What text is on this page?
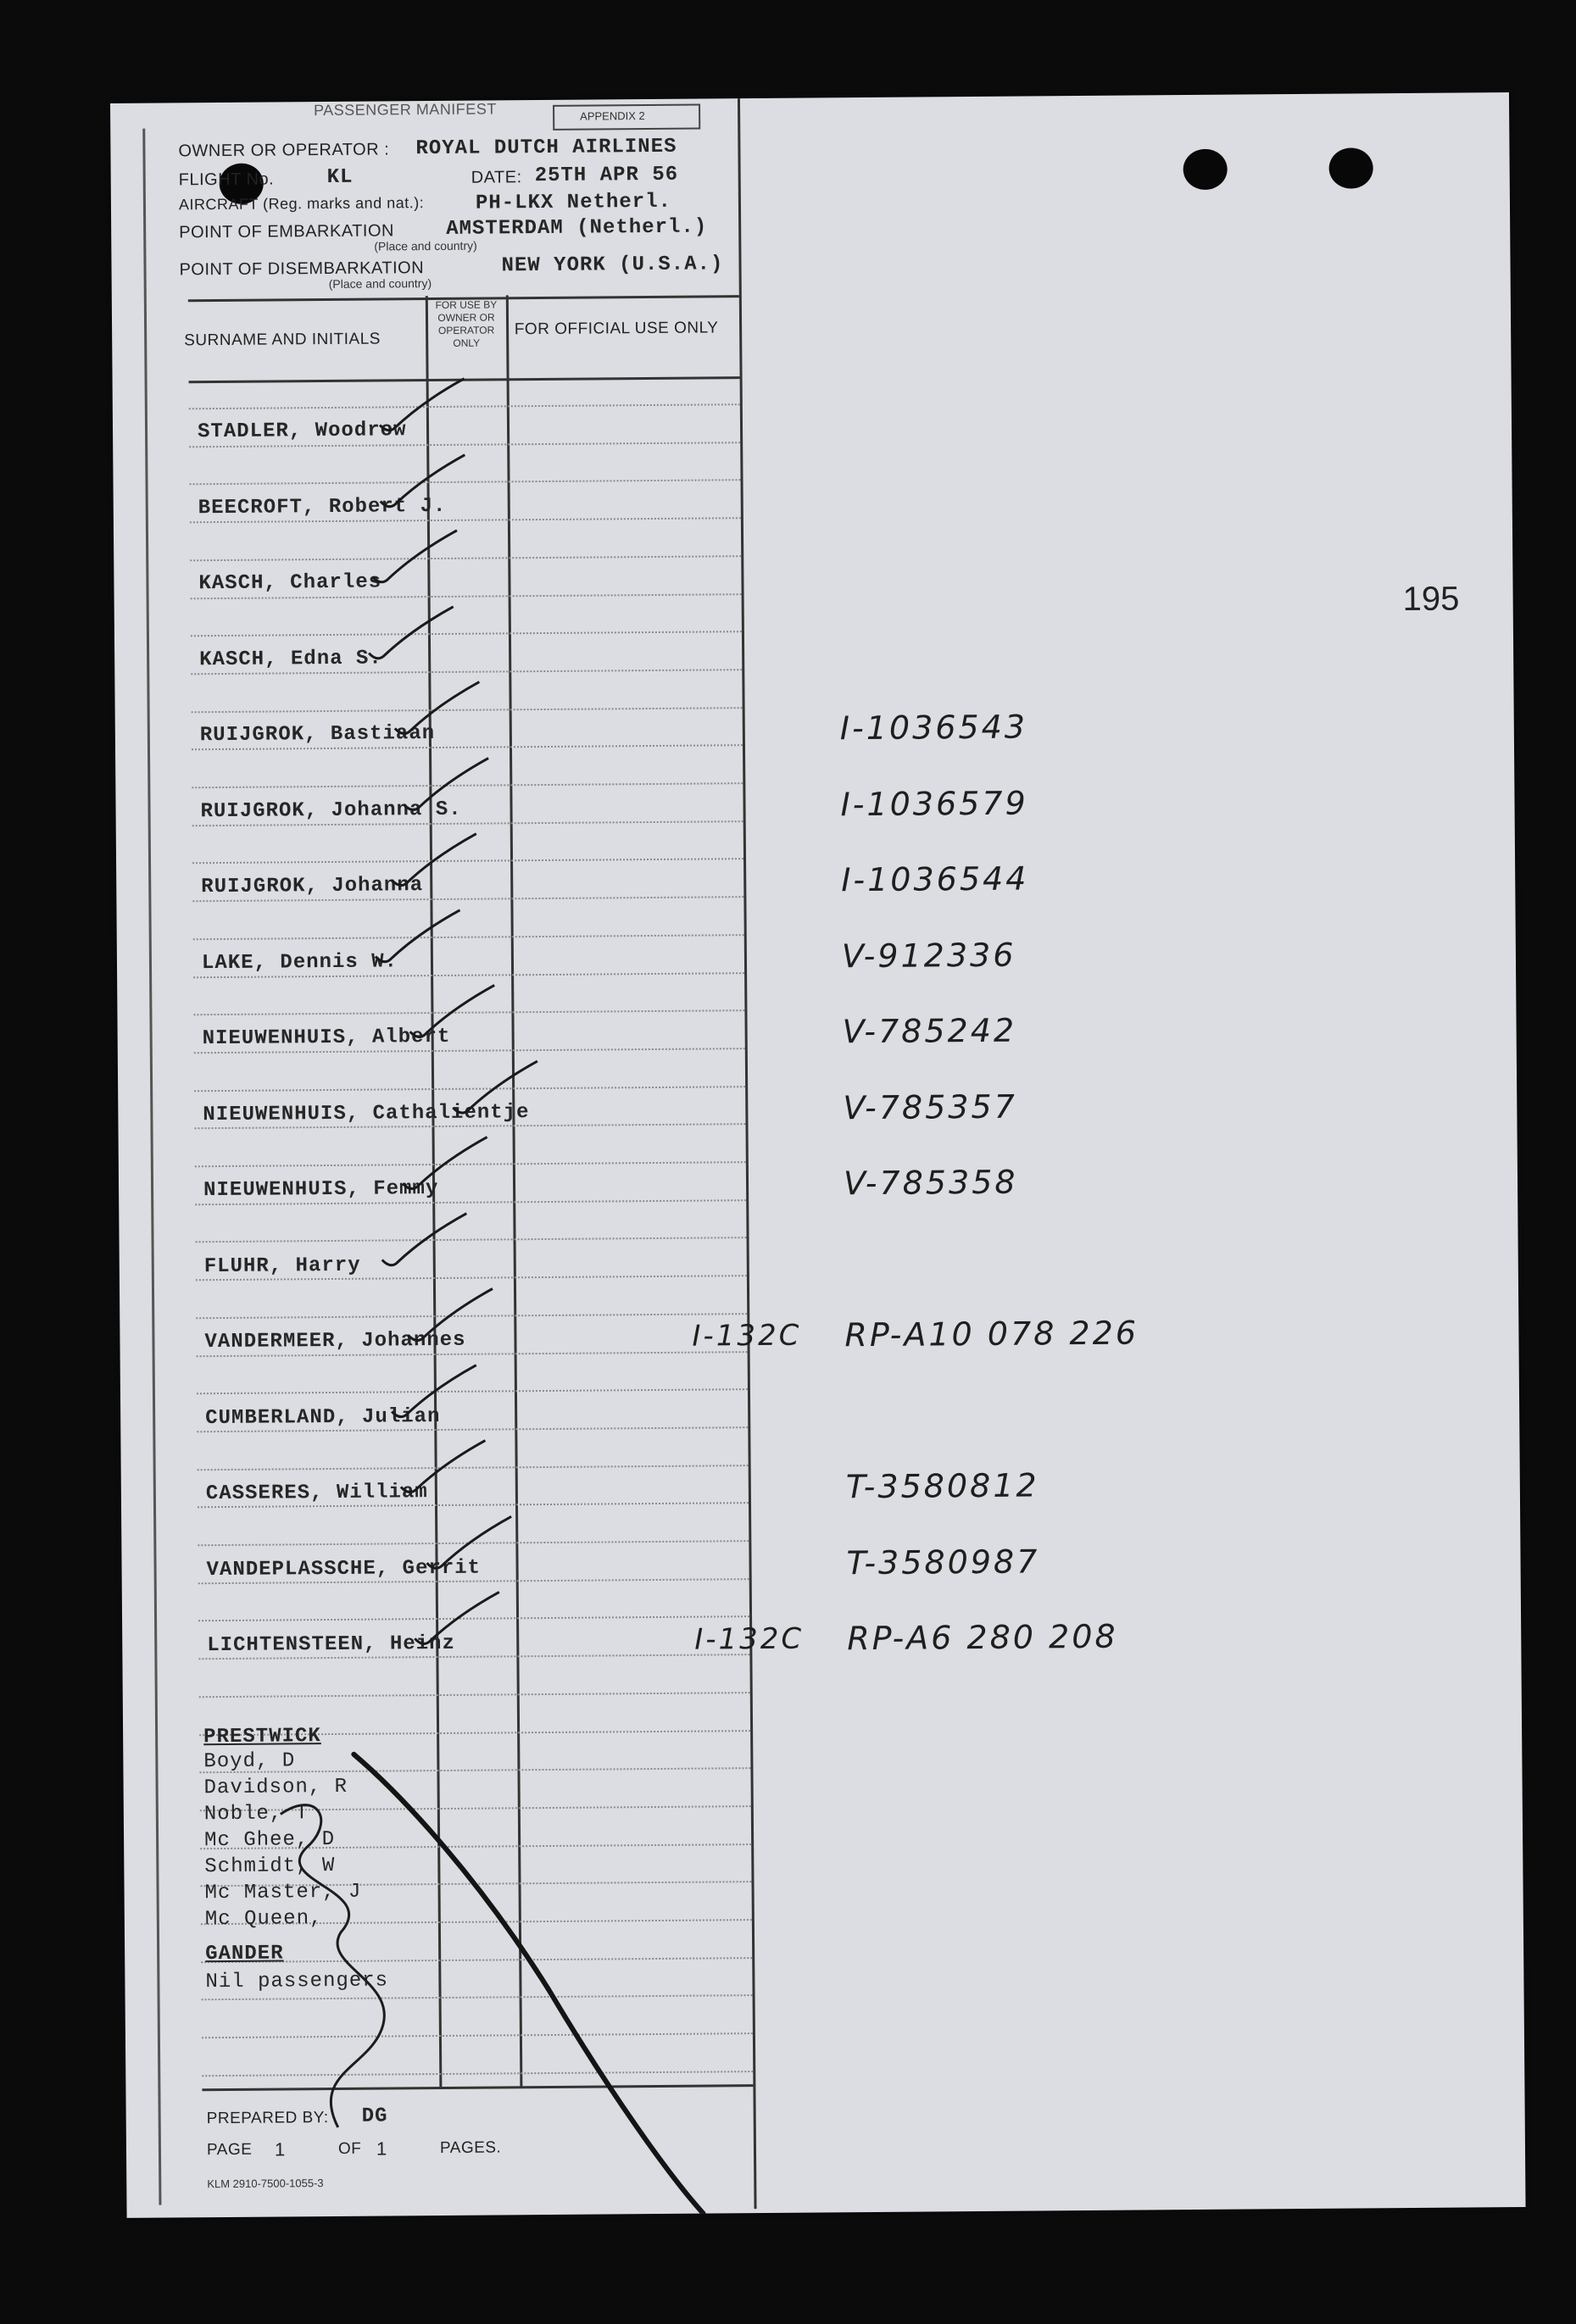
PASSENGER MANIFEST	APPENDIX 2
OWNER OR OPERATOR : ROYAL DUTCH AIRLINES
FLIGHT No.	KL	DATE: 25TH APR 56
AIRCRAFT (Reg. marks and nat.):	PH-LKX Netherl.
POINT OF EMBARKATION	AMSTERDAM (Netherl.)
(Place and country)
POINT OF DISEMBARKATION	NEW YORK (U.S.A.)
(Place and country)
SURNAME AND INITIALS
FOR USE BY OWNER OR OPERATOR ONLY
FOR OFFICIAL USE ONLY
STADLER, Woodrow
BEECROFT, Robert J.
KASCH, Charles
KASCH, Edna S.
RUIJGROK, Bastiaan	I-1036543
RUIJGROK, Johanna S.	I-1036579
RUIJGROK, Johanna	I-1036544
LAKE, Dennis W.	V-912336
NIEUWENHUIS, Albert	V-785242
NIEUWENHUIS, Cathalientje	V-785357
NIEUWENHUIS, Femmy	V-785358
FLUHR, Harry
VANDERMEER, Johannes	I-132C RP-A10 078 226
CUMBERLAND, Julian
CASSERES, William	T-3580812
VANDEPLASSCHE, Gerrit	T-3580987
LICHTENSTEEN, Heinz	I-132C RP-A6 280 208
195
PRESTWICK
Boyd, D
Davidson, R
Noble, T
Mc Ghee, D
Schmidt, W
Mc Master, J
Mc Queen,
GANDER
Nil passengers
PREPARED BY: DG
PAGE 1	OF 1	PAGES.
KLM 2910-7500-1055-3
